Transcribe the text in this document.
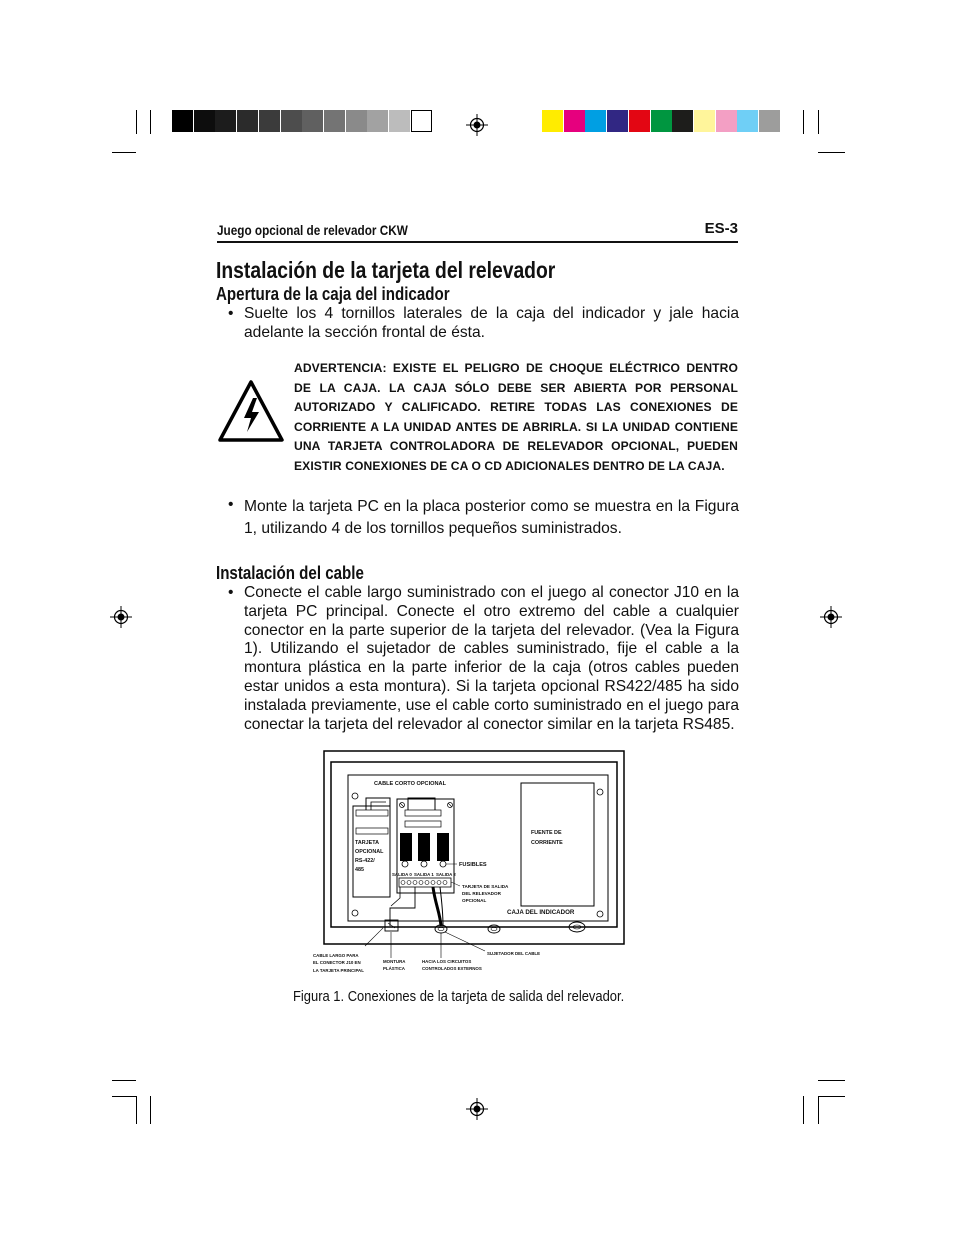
Juego opcional de relevador CKW	ES-3
Instalación de la tarjeta del relevador
Apertura de la caja del indicador
• Suelte los 4 tornillos laterales de la caja del indicador y jale hacia adelante la sección frontal de ésta.
ADVERTENCIA: EXISTE EL PELIGRO DE CHOQUE ELÉCTRICO DENTRO DE LA CAJA. LA CAJA SÓLO DEBE SER ABIERTA POR PERSONAL AUTORIZADO Y CALIFICADO. RETIRE TODAS LAS CONEXIONES DE CORRIENTE A LA UNIDAD ANTES DE ABRIRLA. SI LA UNIDAD CONTIENE UNA TARJETA CONTROLADORA DE RELEVADOR OPCIONAL, PUEDEN EXISTIR CONEXIONES DE CA O CD ADICIONALES DENTRO DE LA CAJA.
• Monte la tarjeta PC en la placa posterior como se muestra en la Figura 1, utilizando 4 de los tornillos pequeños suministrados.
Instalación del cable
• Conecte el cable largo suministrado con el juego al conector J10 en la tarjeta PC principal. Conecte el otro extremo del cable a cualquier conector en la parte superior de la tarjeta del relevador. (Vea la Figura 1). Utilizando el sujetador de cables suministrado, fije el cable a la montura plástica en la parte inferior de la caja (otros cables pueden estar unidos a esta montura). Si la tarjeta opcional RS422/485 ha sido instalada previamente, use el cable corto suministrado en el juego para conectar la tarjeta del relevador al conector similar en la tarjeta RS485.
CABLE CORTO OPCIONAL
TARJETA OPCIONAL RS-422/ 485
FUSIBLES
SALIDA 0 SALIDA 1 SALIDA 2
TARJETA DE SALIDA DEL RELEVADOR OPCIONAL
FUENTE DE CORRIENTE
CAJA DEL INDICADOR
CABLE LARGO PARA EL CONECTOR J10 EN LA TARJETA PRINCIPAL
MONTURA PLÁSTICA
HACIA LOS CIRCUITOS CONTROLADOS EXTERNOS
SUJETADOR DEL CABLE
Figura 1. Conexiones de la tarjeta de salida del relevador.
